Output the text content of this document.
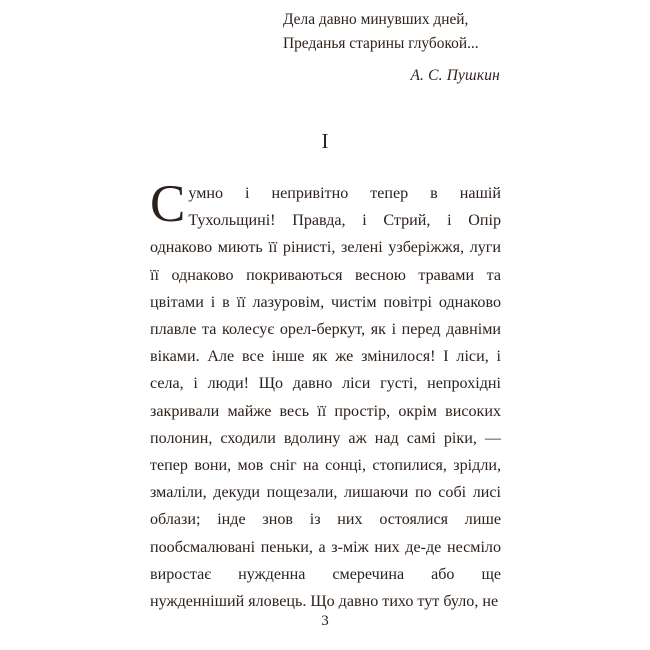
Дела давно минувших дней,
Преданья старины глубокой...
А. С. Пушкин
I

Сумно і непривітно тепер в нашій Тухольщині! Правда, і Стрий, і Опір однаково миють її рінисті, зелені узберіжжя, луги її однаково покриваються весною травами та цвітами і в її лазуровім, чистім повітрі однаково плавле та колесує орел-беркут, як і перед давніми віками. Але все інше як же змінилося! І ліси, і села, і люди! Що давно ліси густі, непрохідні закривали майже весь її простір, окрім високих полонин, сходили вдолину аж над самі ріки, — тепер вони, мов сніг на сонці, стопилися, зрідли, змаліли, декуди пощезали, лишаючи по собі лисі облази; інде знов із них остоялися лише пообсмалювані пеньки, а з-між них де-де несміло виростає нужденна смеречина або ще нужденніший яловець. Що давно тихо тут було, не

3
